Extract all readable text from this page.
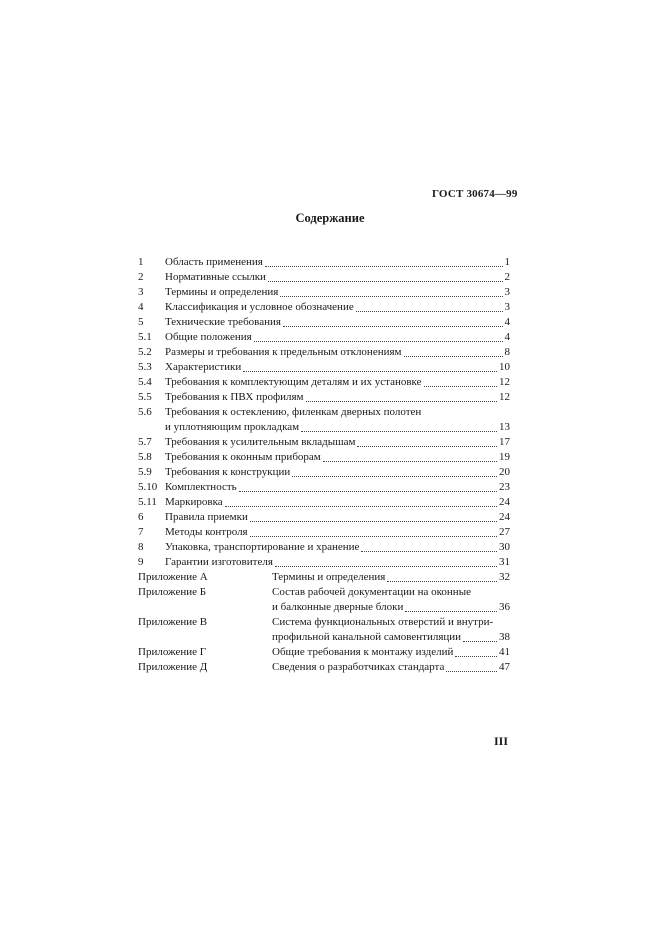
ГОСТ 30674—99
Содержание
1 Область применения	1
2 Нормативные ссылки	2
3 Термины и определения	3
4 Классификация и условное обозначение	3
5 Технические требования	4
5.1 Общие положения	4
5.2 Размеры и требования к предельным отклонениям	8
5.3 Характеристики	10
5.4 Требования к комплектующим деталям и их установке	12
5.5 Требования к ПВХ профилям	12
5.6 Требования к остеклению, филенкам дверных полотен
и уплотняющим прокладкам	13
5.7 Требования к усилительным вкладышам	17
5.8 Требования к оконным приборам	19
5.9 Требования к конструкции	20
5.10 Комплектность	23
5.11 Маркировка	24
6 Правила приемки	24
7 Методы контроля	27
8 Упаковка, транспортирование и хранение	30
9 Гарантии изготовителя	31
Приложение А	Термины и определения	32
Приложение Б	Состав рабочей документации на оконные
и балконные дверные блоки	36
Приложение В	Система функциональных отверстий и внутри-
профильной канальной самовентиляции	38
Приложение Г	Общие требования к монтажу изделий	41
Приложение Д	Сведения о разработчиках стандарта	47
III
